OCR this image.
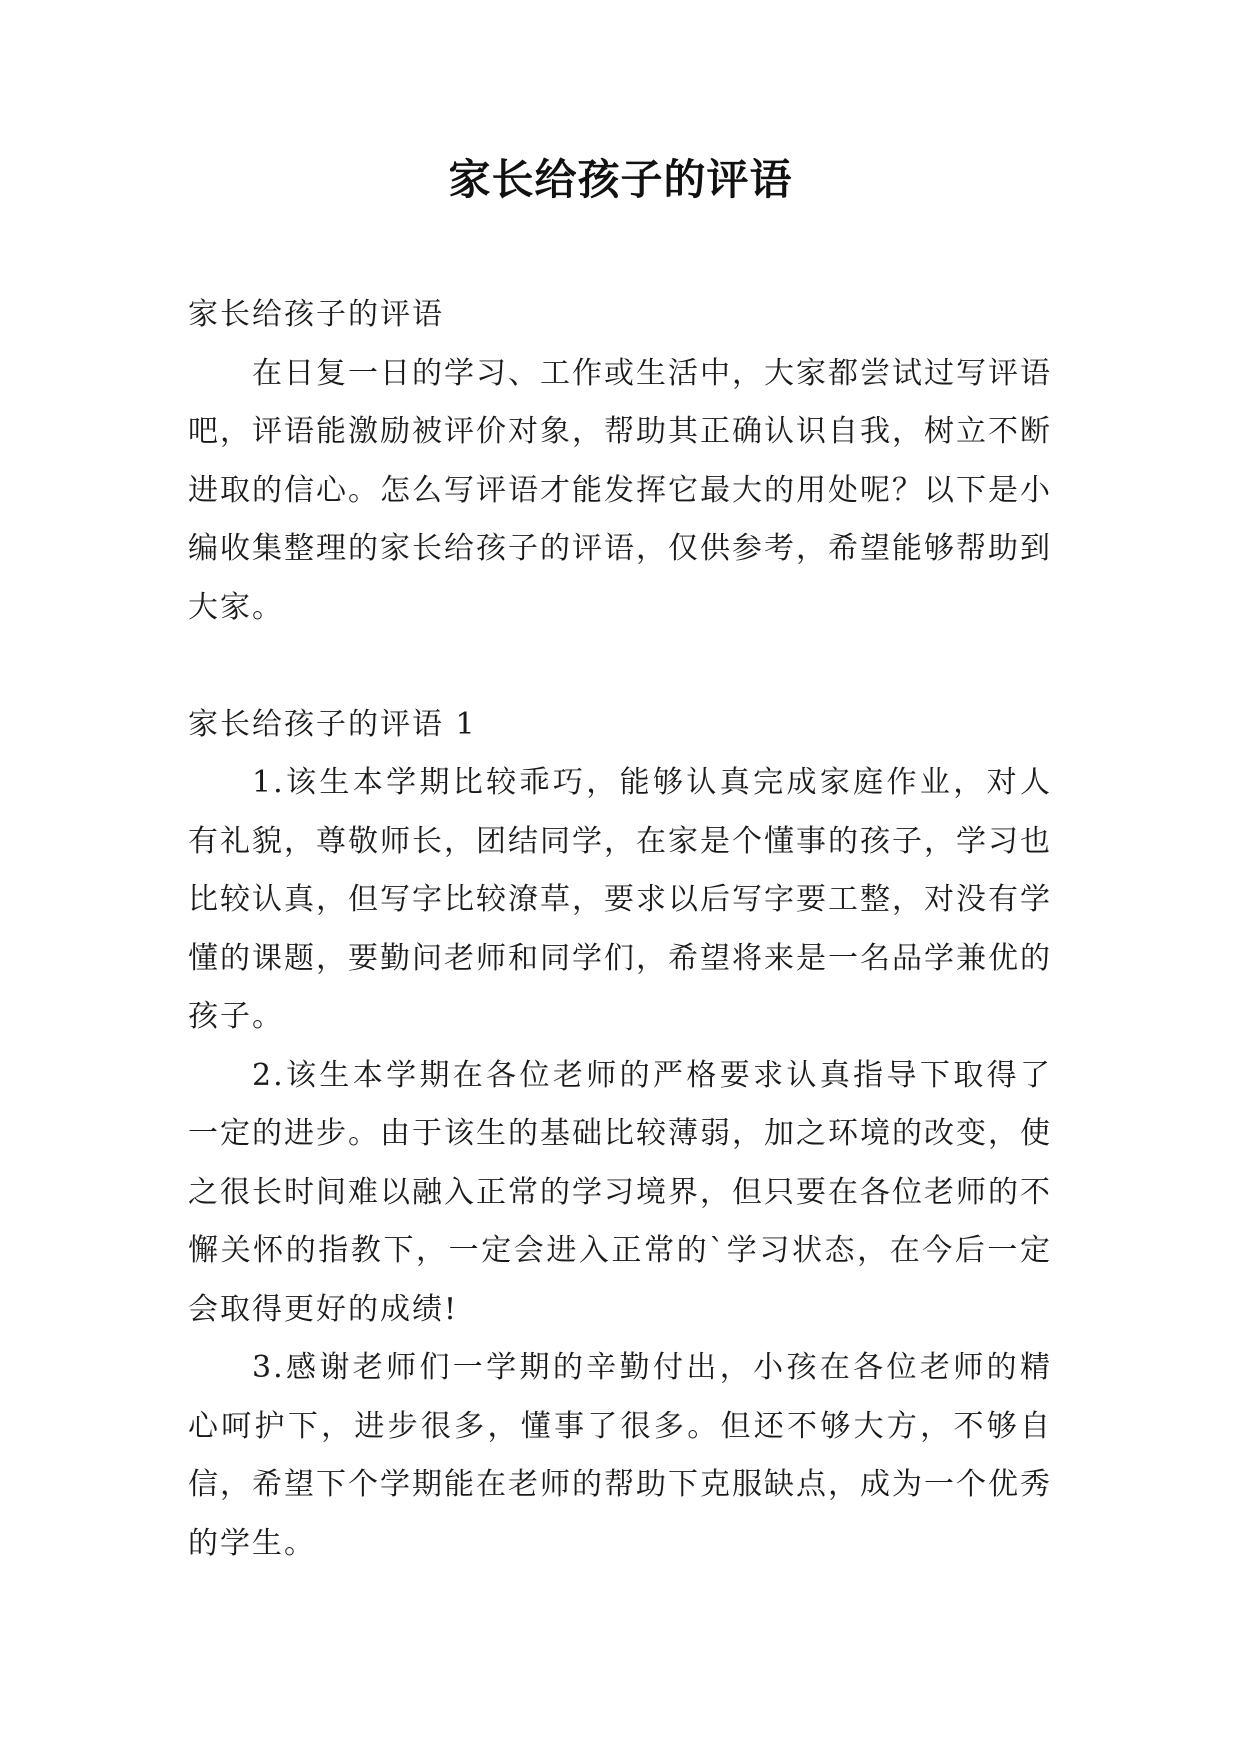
家长给孩子的评语

家长给孩子的评语

在日复一日的学习、工作或生活中，大家都尝试过写评语吧，评语能激励被评价对象，帮助其正确认识自我，树立不断进取的信心。怎么写评语才能发挥它最大的用处呢？以下是小编收集整理的家长给孩子的评语，仅供参考，希望能够帮助到大家。

家长给孩子的评语 1

1.该生本学期比较乖巧，能够认真完成家庭作业，对人有礼貌，尊敬师长，团结同学，在家是个懂事的孩子，学习也比较认真，但写字比较潦草，要求以后写字要工整，对没有学懂的课题，要勤问老师和同学们，希望将来是一名品学兼优的孩子。

2.该生本学期在各位老师的严格要求认真指导下取得了一定的进步。由于该生的基础比较薄弱，加之环境的改变，使之很长时间难以融入正常的学习境界，但只要在各位老师的不懈关怀的指教下，一定会进入正常的`学习状态，在今后一定会取得更好的成绩!

3.感谢老师们一学期的辛勤付出，小孩在各位老师的精心呵护下，进步很多，懂事了很多。但还不够大方，不够自信，希望下个学期能在老师的帮助下克服缺点，成为一个优秀的学生。
